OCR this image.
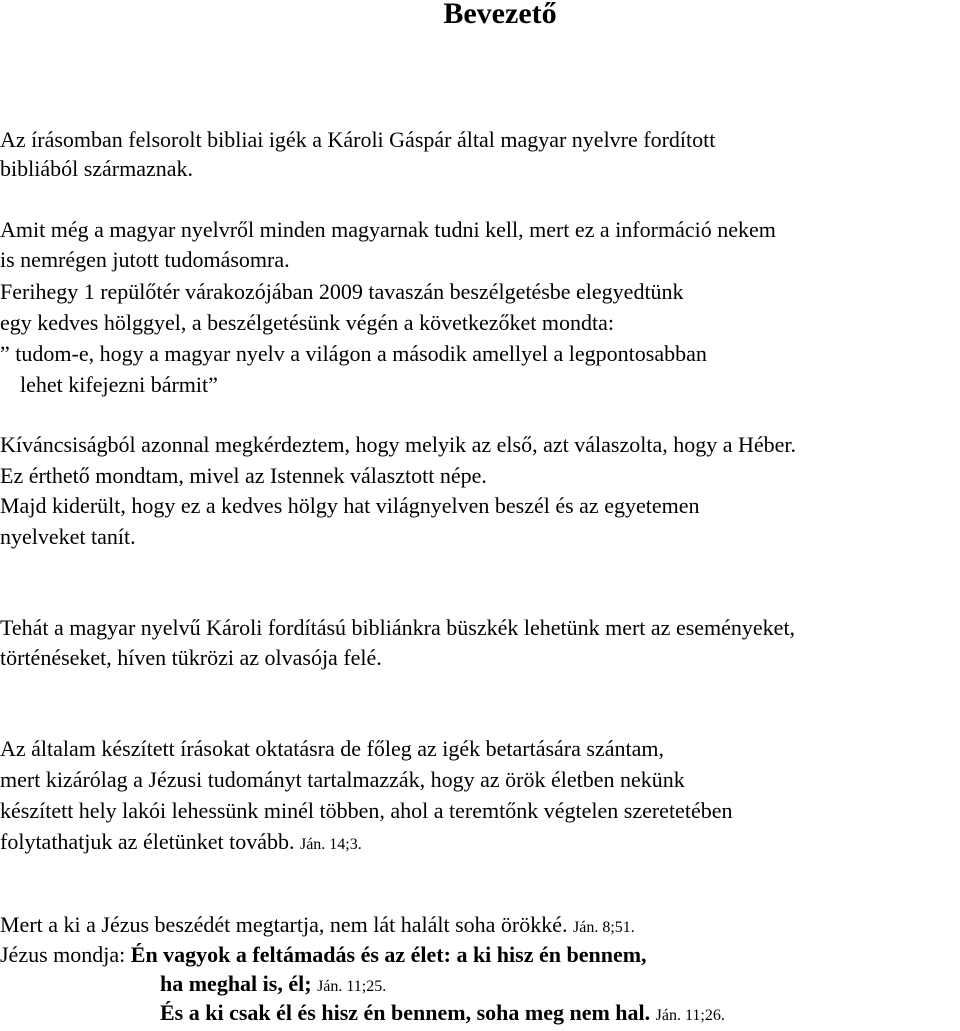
Bevezető
Az írásomban felsorolt bibliai igék a Károli Gáspár által magyar nyelvre fordított
bibliából származnak.
Amit még a magyar nyelvről minden magyarnak tudni kell, mert ez a információ nekem
is nemrégen jutott tudomásomra.
Ferihegy 1 repülőtér várakozójában 2009 tavaszán beszélgetésbe elegyedtünk
egy kedves hölggyel, a beszélgetésünk végén a következőket mondta:
” tudom-e, hogy a magyar nyelv a világon a második amellyel a legpontosabban
lehet kifejezni bármit”
Kíváncsiságból azonnal megkérdeztem, hogy melyik az első, azt válaszolta, hogy a Héber.
Ez érthető mondtam, mivel az Istennek választott népe.
Majd kiderült, hogy ez a kedves hölgy hat világnyelven beszél és az egyetemen
nyelveket tanít.
Tehát a magyar nyelvű Károli fordítású bibliánkra büszkék lehetünk mert az eseményeket,
történéseket, híven tükrözi az olvasója felé.
Az általam készített írásokat oktatásra de főleg az igék betartására szántam,
mert kizárólag a Jézusi tudományt tartalmazzák, hogy az örök életben nekünk
készített hely lakói lehessünk minél többen, ahol a teremtőnk végtelen szeretetében
folytathatjuk az életünket tovább. Ján. 14;3.
Mert a ki a Jézus beszédét megtartja, nem lát halált soha örökké. Ján. 8;51.
Jézus mondja: Én vagyok a feltámadás és az élet: a ki hisz én bennem,
ha meghal is, él; Ján. 11;25.
És a ki csak él és hisz én bennem, soha meg nem hal. Ján. 11;26.
